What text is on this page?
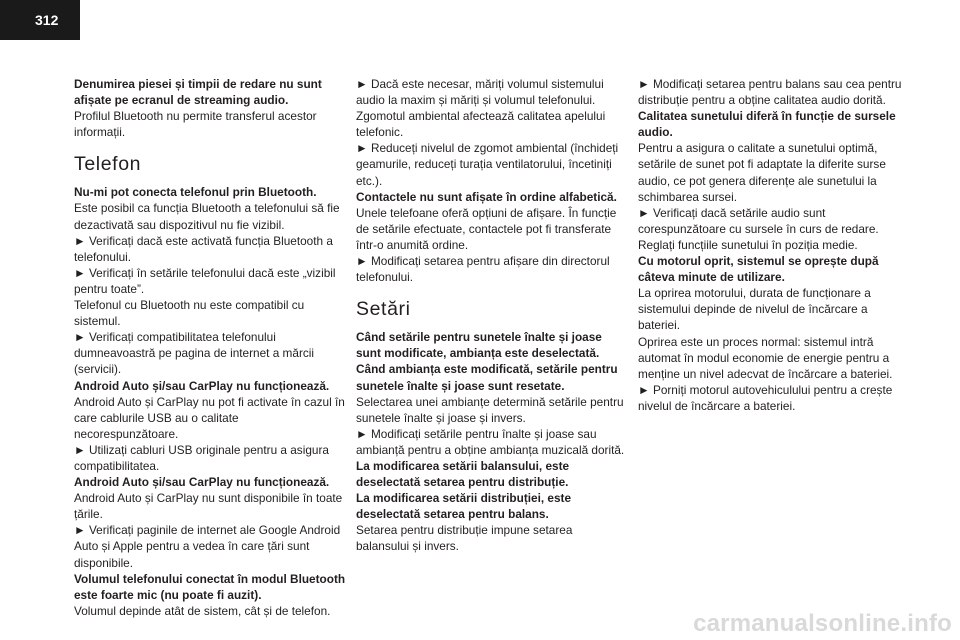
312

Denumirea piesei și timpii de redare nu sunt afișate pe ecranul de streaming audio.

Profilul Bluetooth nu permite transferul acestor informații.

Telefon

Nu-mi pot conecta telefonul prin Bluetooth.

Este posibil ca funcția Bluetooth a telefonului să fie dezactivată sau dispozitivul nu fie vizibil.

► Verificați dacă este activată funcția Bluetooth a telefonului.

► Verificați în setările telefonului dacă este „vizibil pentru toate”.

Telefonul cu Bluetooth nu este compatibil cu sistemul.

► Verificați compatibilitatea telefonului dumneavoastră pe pagina de internet a mărcii (servicii).

Android Auto și/sau CarPlay nu funcționează.

Android Auto și CarPlay nu pot fi activate în cazul în care cablurile USB au o calitate necorespunzătoare.

► Utilizați cabluri USB originale pentru a asigura compatibilitatea.

Android Auto și/sau CarPlay nu funcționează.

Android Auto și CarPlay nu sunt disponibile în toate țările.

► Verificați paginile de internet ale Google Android Auto și Apple pentru a vedea în care țări sunt disponibile.

Volumul telefonului conectat în modul Bluetooth este foarte mic (nu poate fi auzit).

Volumul depinde atât de sistem, cât și de telefon.

► Dacă este necesar, măriți volumul sistemului audio la maxim și măriți și volumul telefonului.

Zgomotul ambiental afectează calitatea apelului telefonic.

► Reduceți nivelul de zgomot ambiental (închideți geamurile, reduceți turația ventilatorului, încetiniți etc.).

Contactele nu sunt afișate în ordine alfabetică.

Unele telefoane oferă opțiuni de afișare. În funcție de setările efectuate, contactele pot fi transferate într-o anumită ordine.

► Modificați setarea pentru afișare din directorul telefonului.

Setări

Când setările pentru sunetele înalte și joase sunt modificate, ambianța este deselectată.

Când ambianța este modificată, setările pentru sunetele înalte și joase sunt resetate.

Selectarea unei ambianțe determină setările pentru sunetele înalte și joase și invers.

► Modificați setările pentru înalte și joase sau ambianță pentru a obține ambianța muzicală dorită.

La modificarea setării balansului, este deselectată setarea pentru distribuție.

La modificarea setării distribuției, este deselectată setarea pentru balans.

Setarea pentru distribuție impune setarea balansului și invers.

► Modificați setarea pentru balans sau cea pentru distribuție pentru a obține calitatea audio dorită.

Calitatea sunetului diferă în funcție de sursele audio.

Pentru a asigura o calitate a sunetului optimă, setările de sunet pot fi adaptate la diferite surse audio, ce pot genera diferențe ale sunetului la schimbarea sursei.

► Verificați dacă setările audio sunt corespunzătoare cu sursele în curs de redare. Reglați funcțiile sunetului în poziția medie.

Cu motorul oprit, sistemul se oprește după câteva minute de utilizare.

La oprirea motorului, durata de funcționare a sistemului depinde de nivelul de încărcare a bateriei.

Oprirea este un proces normal: sistemul intră automat în modul economie de energie pentru a menține un nivel adecvat de încărcare a bateriei.

► Porniți motorul autovehiculului pentru a crește nivelul de încărcare a bateriei.

carmanualsonline.info
